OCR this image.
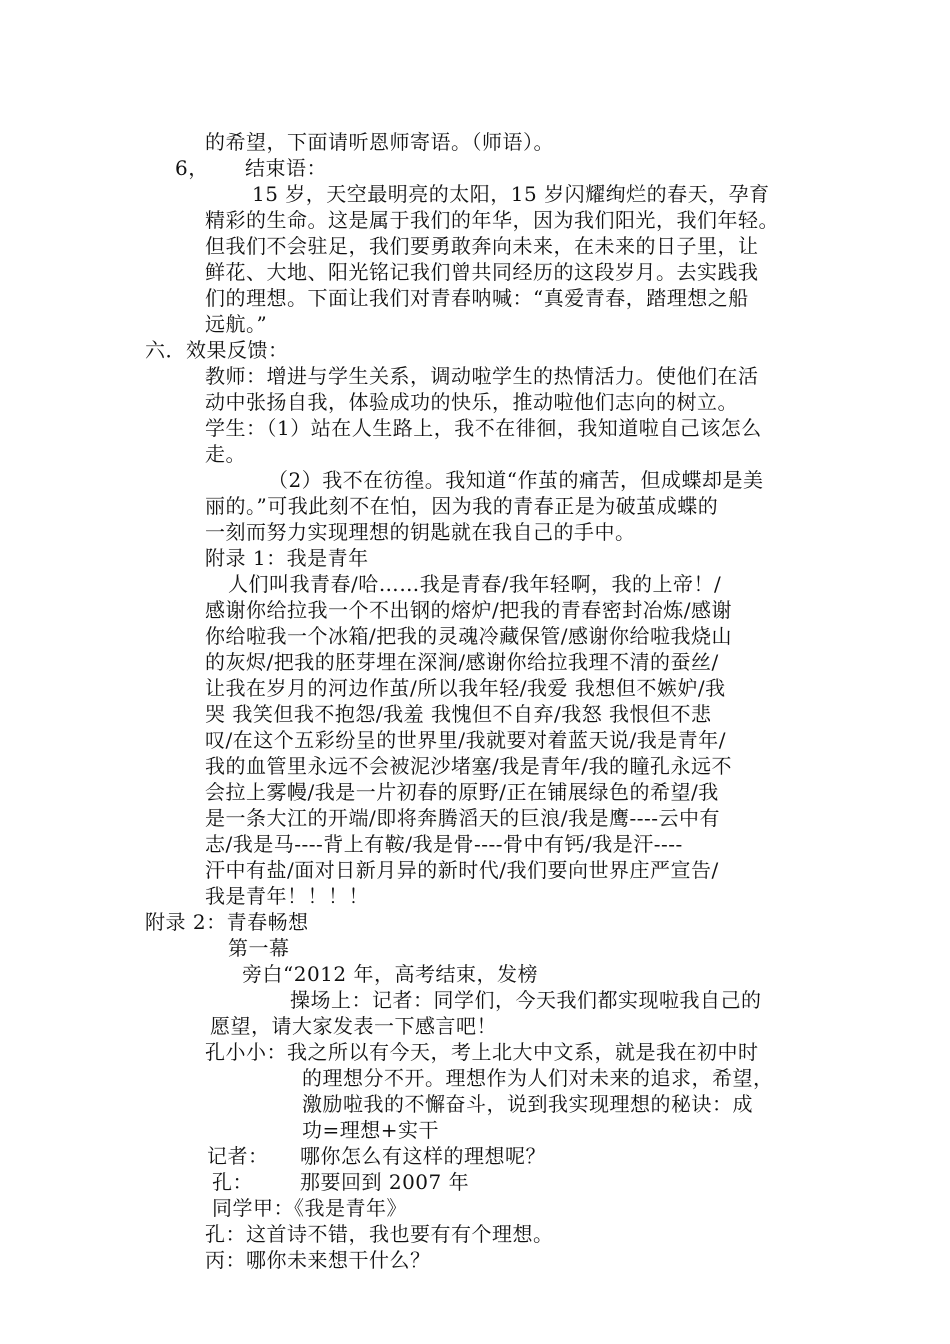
的希望，下面请听恩师寄语。（师语）。
6， 结束语：
15 岁，天空最明亮的太阳，15 岁闪耀绚烂的春天，孕育
精彩的生命。这是属于我们的年华，因为我们阳光，我们年轻。
但我们不会驻足，我们要勇敢奔向未来，在未来的日子里，让
鲜花、大地、阳光铭记我们曾共同经历的这段岁月。去实践我
们的理想。下面让我们对青春呐喊：“真爱青春，踏理想之船
远航。”
六．效果反馈：
教师：增进与学生关系，调动啦学生的热情活力。使他们在活
动中张扬自我，体验成功的快乐，推动啦他们志向的树立。
学生：（1）站在人生路上，我不在徘徊，我知道啦自己该怎么
走。
（2）我不在彷徨。我知道“作茧的痛苦，但成蝶却是美
丽的。”可我此刻不在怕，因为我的青春正是为破茧成蝶的
一刻而努力实现理想的钥匙就在我自己的手中。
附录 1：我是青年
人们叫我青春/哈……我是青春/我年轻啊，我的上帝！/
感谢你给拉我一个不出钢的熔炉/把我的青春密封冶炼/感谢
你给啦我一个冰箱/把我的灵魂冷藏保管/感谢你给啦我烧山
的灰烬/把我的胚芽埋在深涧/感谢你给拉我理不清的蚕丝/
让我在岁月的河边作茧/所以我年轻/我爱 我想但不嫉妒/我
哭 我笑但我不抱怨/我羞 我愧但不自弃/我怒 我恨但不悲
叹/在这个五彩纷呈的世界里/我就要对着蓝天说/我是青年/
我的血管里永远不会被泥沙堵塞/我是青年/我的瞳孔永远不
会拉上雾幔/我是一片初春的原野/正在铺展绿色的希望/我
是一条大江的开端/即将奔腾滔天的巨浪/我是鹰----云中有
志/我是马----背上有鞍/我是骨----骨中有钙/我是汗----
汗中有盐/面对日新月异的新时代/我们要向世界庄严宣告/
我是青年！！！！
附录 2：青春畅想
第一幕
旁白“2012 年，高考结束，发榜
操场上：记者：同学们，今天我们都实现啦我自己的
愿望，请大家发表一下感言吧！
孔小小：我之所以有今天，考上北大中文系，就是我在初中时
的理想分不开。理想作为人们对未来的追求，希望，
激励啦我的不懈奋斗，说到我实现理想的秘诀：成
功=理想+实干
记者： 哪你怎么有这样的理想呢？
孔： 那要回到 2007 年
同学甲：《我是青年》
孔：这首诗不错，我也要有有个理想。
丙：哪你未来想干什么？
